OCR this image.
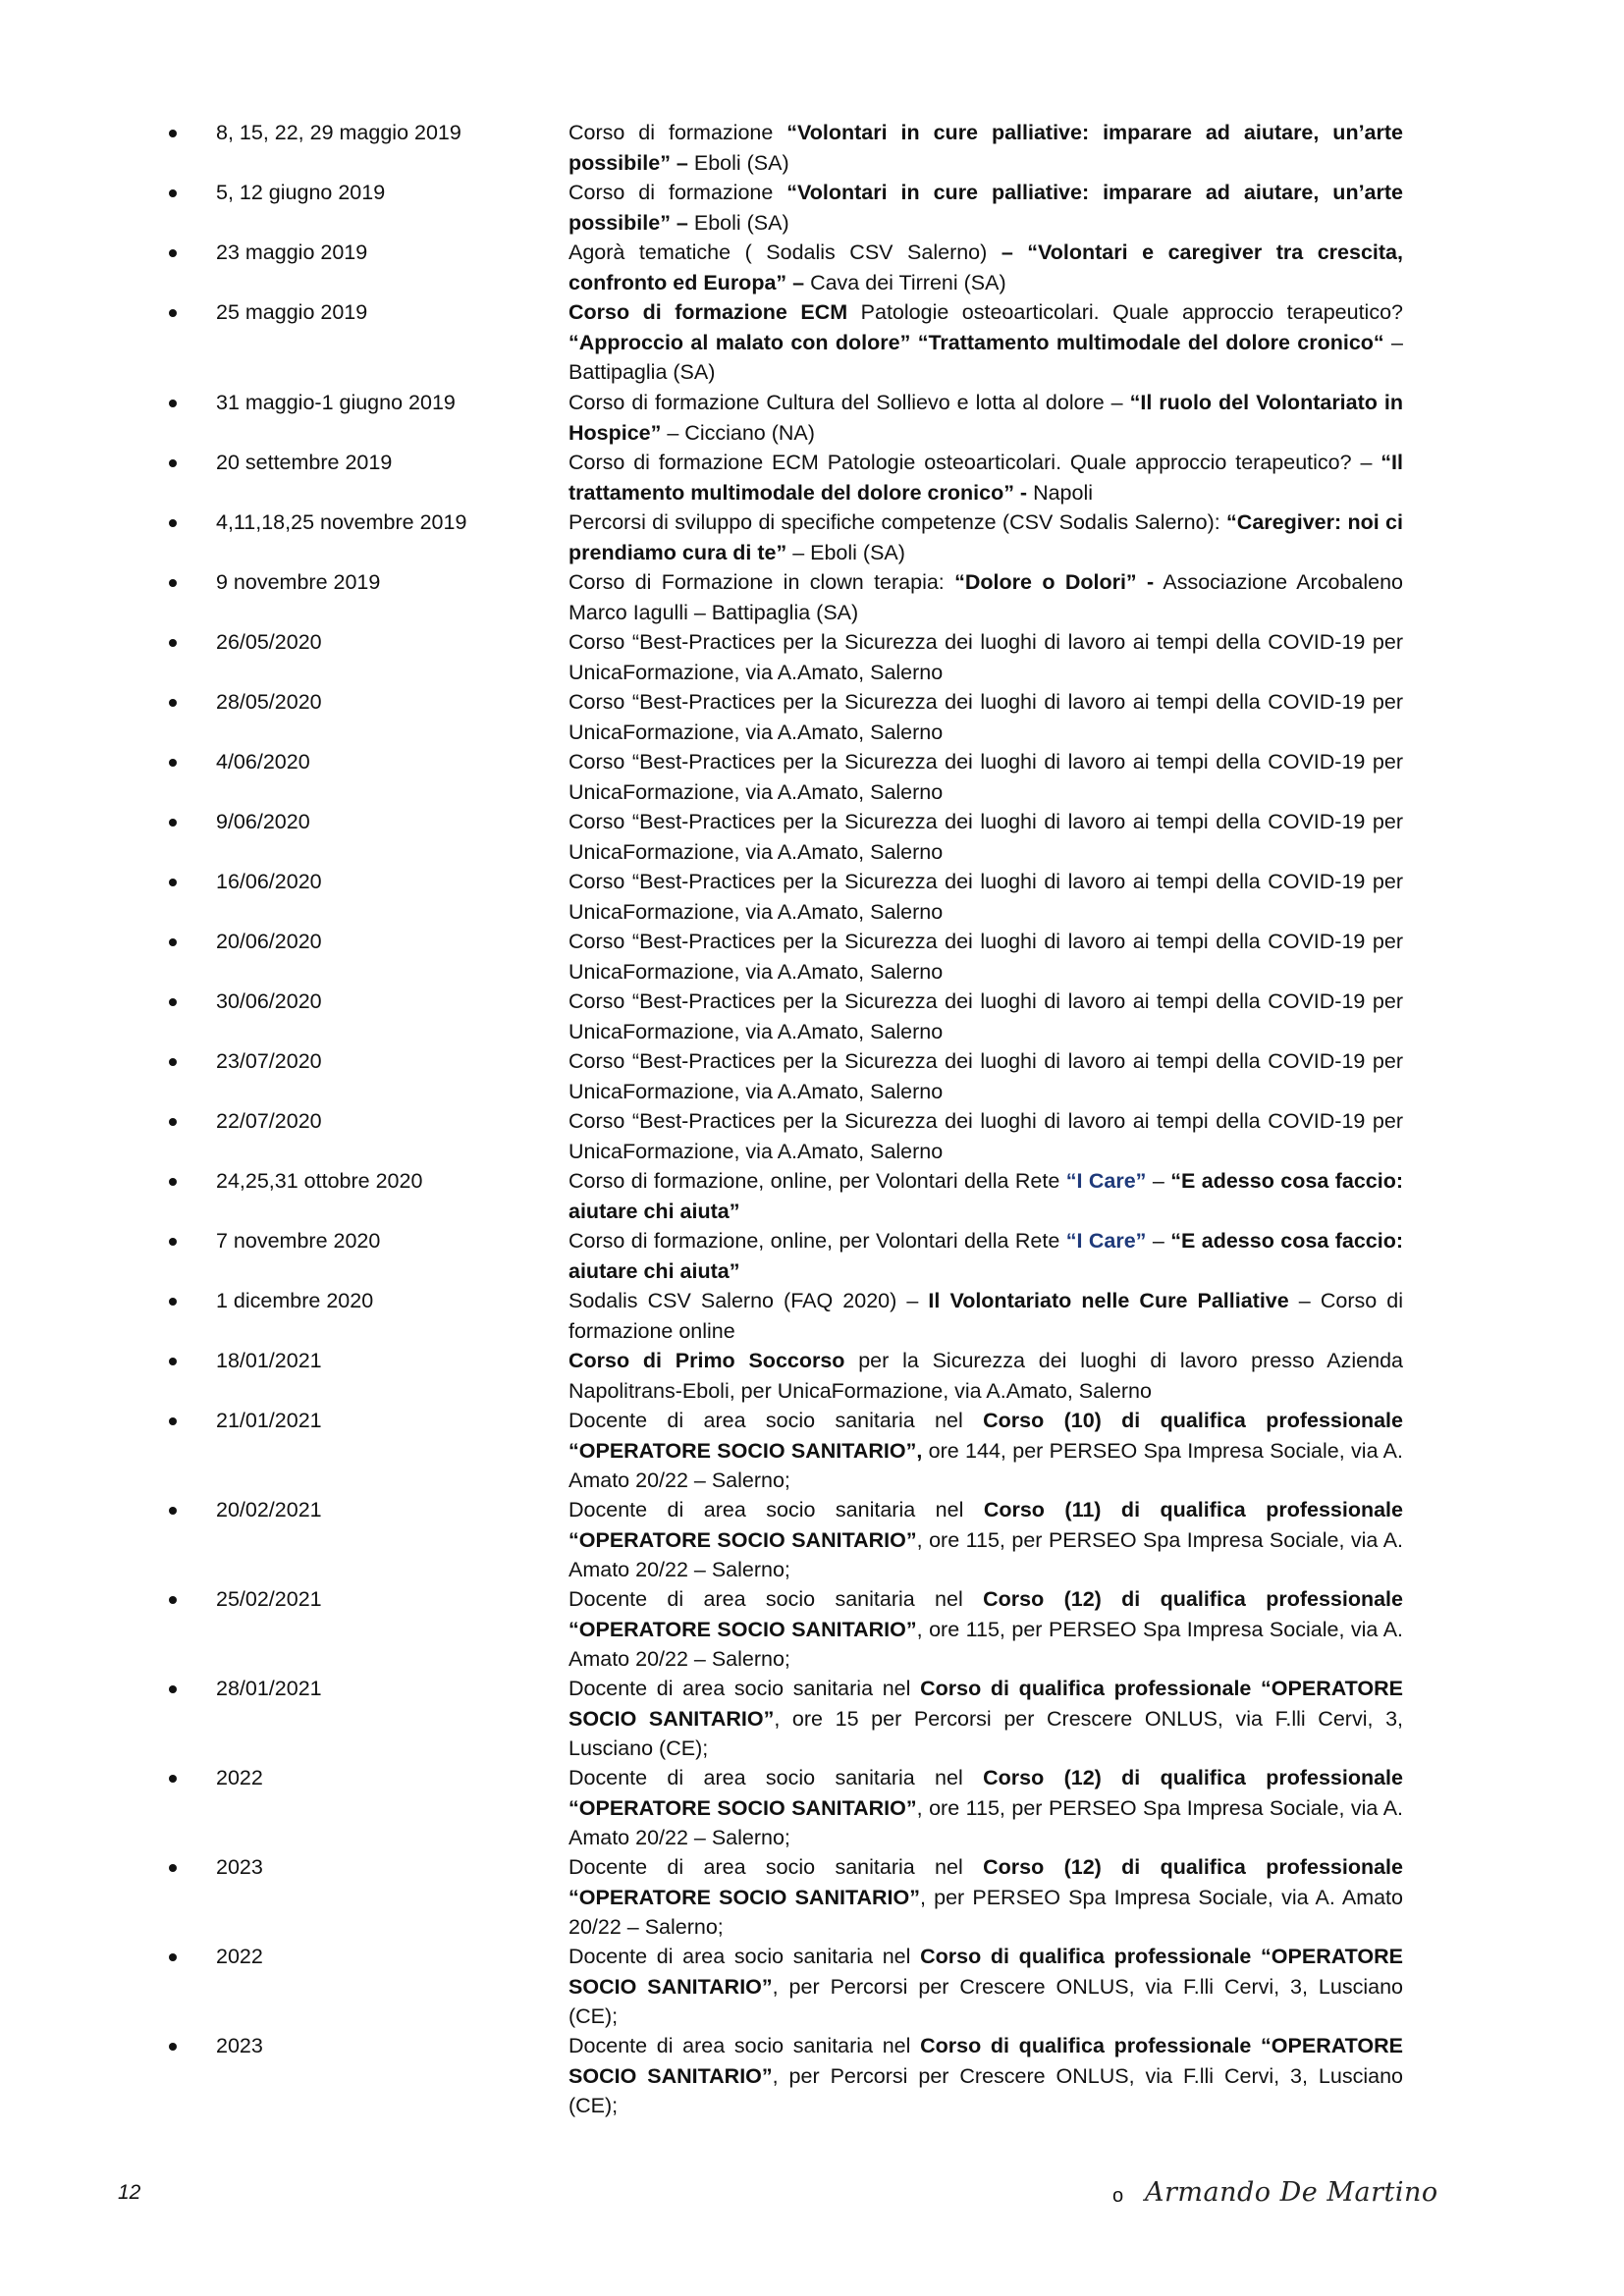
8, 15, 22, 29 maggio 2019	Corso di formazione “Volontari in cure palliative: imparare ad aiutare, un’arte possibile” – Eboli (SA)
5, 12 giugno 2019	Corso di formazione “Volontari in cure palliative: imparare ad aiutare, un’arte possibile” – Eboli (SA)
23 maggio 2019	Agorà tematiche ( Sodalis CSV Salerno) – “Volontari e caregiver tra crescita, confronto ed Europa” – Cava dei Tirreni (SA)
25 maggio 2019	Corso di formazione ECM Patologie osteoarticolari. Quale approccio terapeutico? “Approccio al malato con dolore” “Trattamento multimodale del dolore cronico“ – Battipaglia (SA)
31 maggio-1 giugno 2019	Corso di formazione Cultura del Sollievo e lotta al dolore – “Il ruolo del Volontariato in Hospice” – Cicciano (NA)
20 settembre 2019	Corso di formazione ECM Patologie osteoarticolari. Quale approccio terapeutico? – “Il trattamento multimodale del dolore cronico” - Napoli
4,11,18,25 novembre 2019	Percorsi di sviluppo di specifiche competenze (CSV Sodalis Salerno): “Caregiver: noi ci prendiamo cura di te” – Eboli (SA)
9 novembre 2019	Corso di Formazione in clown terapia: “Dolore o Dolori” - Associazione Arcobaleno Marco Iagulli – Battipaglia (SA)
26/05/2020	Corso “Best-Practices per la Sicurezza dei luoghi di lavoro ai tempi della COVID-19 per UnicaFormazione, via A.Amato, Salerno
28/05/2020	Corso “Best-Practices per la Sicurezza dei luoghi di lavoro ai tempi della COVID-19 per UnicaFormazione, via A.Amato, Salerno
4/06/2020	Corso “Best-Practices per la Sicurezza dei luoghi di lavoro ai tempi della COVID-19 per UnicaFormazione, via A.Amato, Salerno
9/06/2020	Corso “Best-Practices per la Sicurezza dei luoghi di lavoro ai tempi della COVID-19 per UnicaFormazione, via A.Amato, Salerno
16/06/2020	Corso “Best-Practices per la Sicurezza dei luoghi di lavoro ai tempi della COVID-19 per UnicaFormazione, via A.Amato, Salerno
20/06/2020	Corso “Best-Practices per la Sicurezza dei luoghi di lavoro ai tempi della COVID-19 per UnicaFormazione, via A.Amato, Salerno
30/06/2020	Corso “Best-Practices per la Sicurezza dei luoghi di lavoro ai tempi della COVID-19 per UnicaFormazione, via A.Amato, Salerno
23/07/2020	Corso “Best-Practices per la Sicurezza dei luoghi di lavoro ai tempi della COVID-19 per UnicaFormazione, via A.Amato, Salerno
22/07/2020	Corso “Best-Practices per la Sicurezza dei luoghi di lavoro ai tempi della COVID-19 per UnicaFormazione, via A.Amato, Salerno
24,25,31 ottobre 2020	Corso di formazione, online, per Volontari della Rete “I Care” – “E adesso cosa faccio: aiutare chi aiuta”
7 novembre 2020	Corso di formazione, online, per Volontari della Rete “I Care” – “E adesso cosa faccio: aiutare chi aiuta”
1 dicembre 2020	Sodalis CSV Salerno (FAQ 2020) – Il Volontariato nelle Cure Palliative – Corso di formazione online
18/01/2021	Corso di Primo Soccorso per la Sicurezza dei luoghi di lavoro presso Azienda Napolitrans-Eboli, per UnicaFormazione, via A.Amato, Salerno
21/01/2021	Docente di area socio sanitaria nel Corso (10) di qualifica professionale “OPERATORE SOCIO SANITARIO”, ore 144, per PERSEO Spa Impresa Sociale, via A. Amato 20/22 – Salerno;
20/02/2021	Docente di area socio sanitaria nel Corso (11) di qualifica professionale “OPERATORE SOCIO SANITARIO”, ore 115, per PERSEO Spa Impresa Sociale, via A. Amato 20/22 – Salerno;
25/02/2021	Docente di area socio sanitaria nel Corso (12) di qualifica professionale “OPERATORE SOCIO SANITARIO”, ore 115, per PERSEO Spa Impresa Sociale, via A. Amato 20/22 – Salerno;
28/01/2021	Docente di area socio sanitaria nel Corso di qualifica professionale “OPERATORE SOCIO SANITARIO”, ore 15 per Percorsi per Crescere ONLUS, via F.lli Cervi, 3, Lusciano (CE);
2022	Docente di area socio sanitaria nel Corso (12) di qualifica professionale “OPERATORE SOCIO SANITARIO”, ore 115, per PERSEO Spa Impresa Sociale, via A. Amato 20/22 – Salerno;
2023	Docente di area socio sanitaria nel Corso (12) di qualifica professionale “OPERATORE SOCIO SANITARIO”, per PERSEO Spa Impresa Sociale, via A. Amato 20/22 – Salerno;
2022	Docente di area socio sanitaria nel Corso di qualifica professionale “OPERATORE SOCIO SANITARIO”, per Percorsi per Crescere ONLUS, via F.lli Cervi, 3, Lusciano (CE);
2023	Docente di area socio sanitaria nel Corso di qualifica professionale “OPERATORE SOCIO SANITARIO”, per Percorsi per Crescere ONLUS, via F.lli Cervi, 3, Lusciano (CE);
12	o Armando De Martino
